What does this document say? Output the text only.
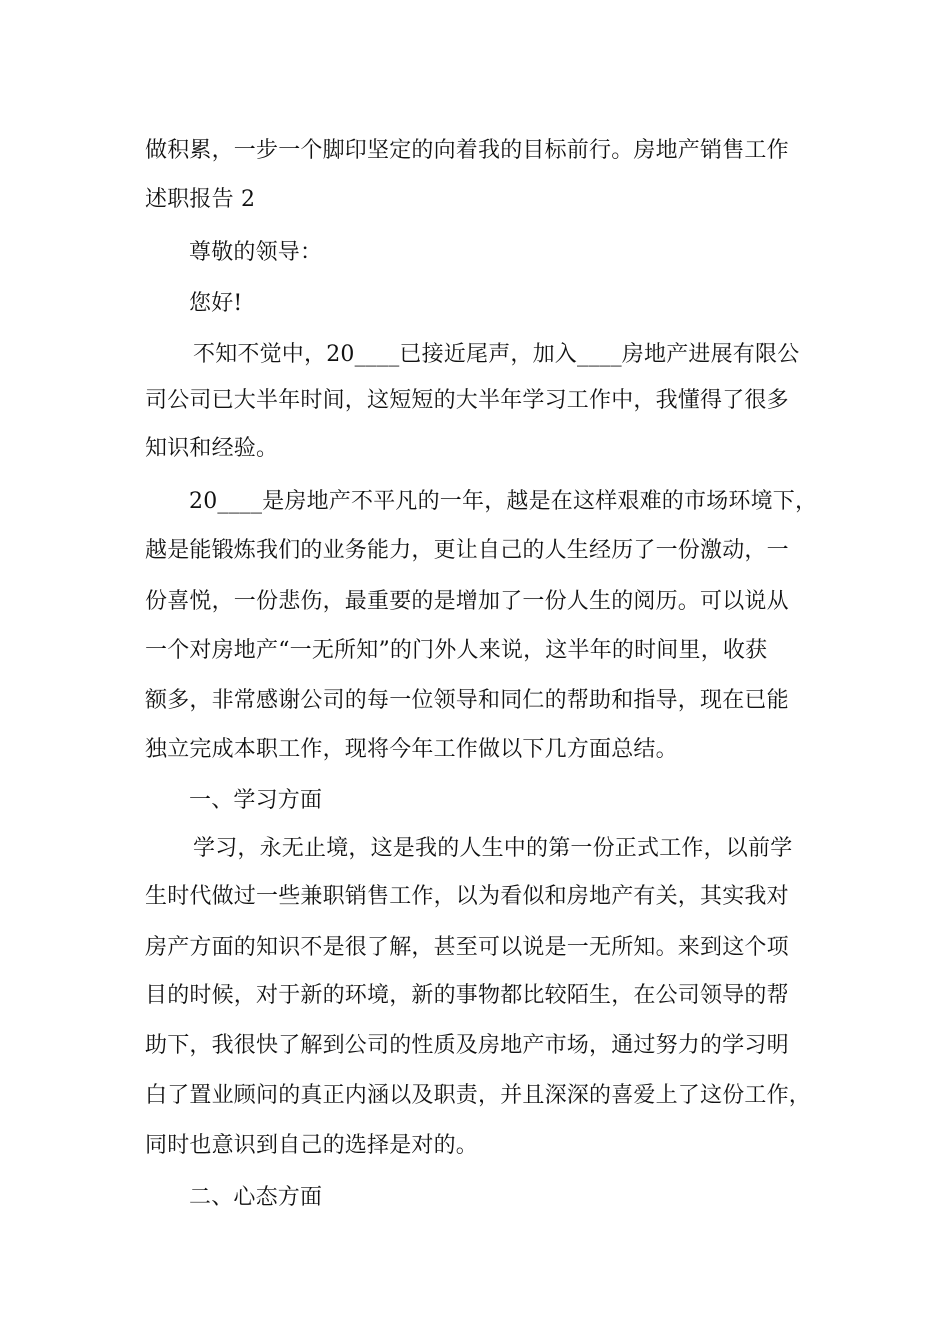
做积累，一步一个脚印坚定的向着我的目标前行。房地产销售工作
述职报告 2
尊敬的领导：
您好!
不知不觉中，20____已接近尾声，加入____房地产进展有限公
司公司已大半年时间，这短短的大半年学习工作中，我懂得了很多
知识和经验。
20____是房地产不平凡的一年，越是在这样艰难的市场环境下，
越是能锻炼我们的业务能力，更让自己的人生经历了一份激动，一
份喜悦，一份悲伤，最重要的是增加了一份人生的阅历。可以说从
一个对房地产“一无所知”的门外人来说，这半年的时间里，收获
额多，非常感谢公司的每一位领导和同仁的帮助和指导，现在已能
独立完成本职工作，现将今年工作做以下几方面总结。
一、学习方面
学习，永无止境，这是我的人生中的第一份正式工作，以前学
生时代做过一些兼职销售工作，以为看似和房地产有关，其实我对
房产方面的知识不是很了解，甚至可以说是一无所知。来到这个项
目的时候，对于新的环境，新的事物都比较陌生，在公司领导的帮
助下，我很快了解到公司的性质及房地产市场，通过努力的学习明
白了置业顾问的真正内涵以及职责，并且深深的喜爱上了这份工作，
同时也意识到自己的选择是对的。
二、心态方面
